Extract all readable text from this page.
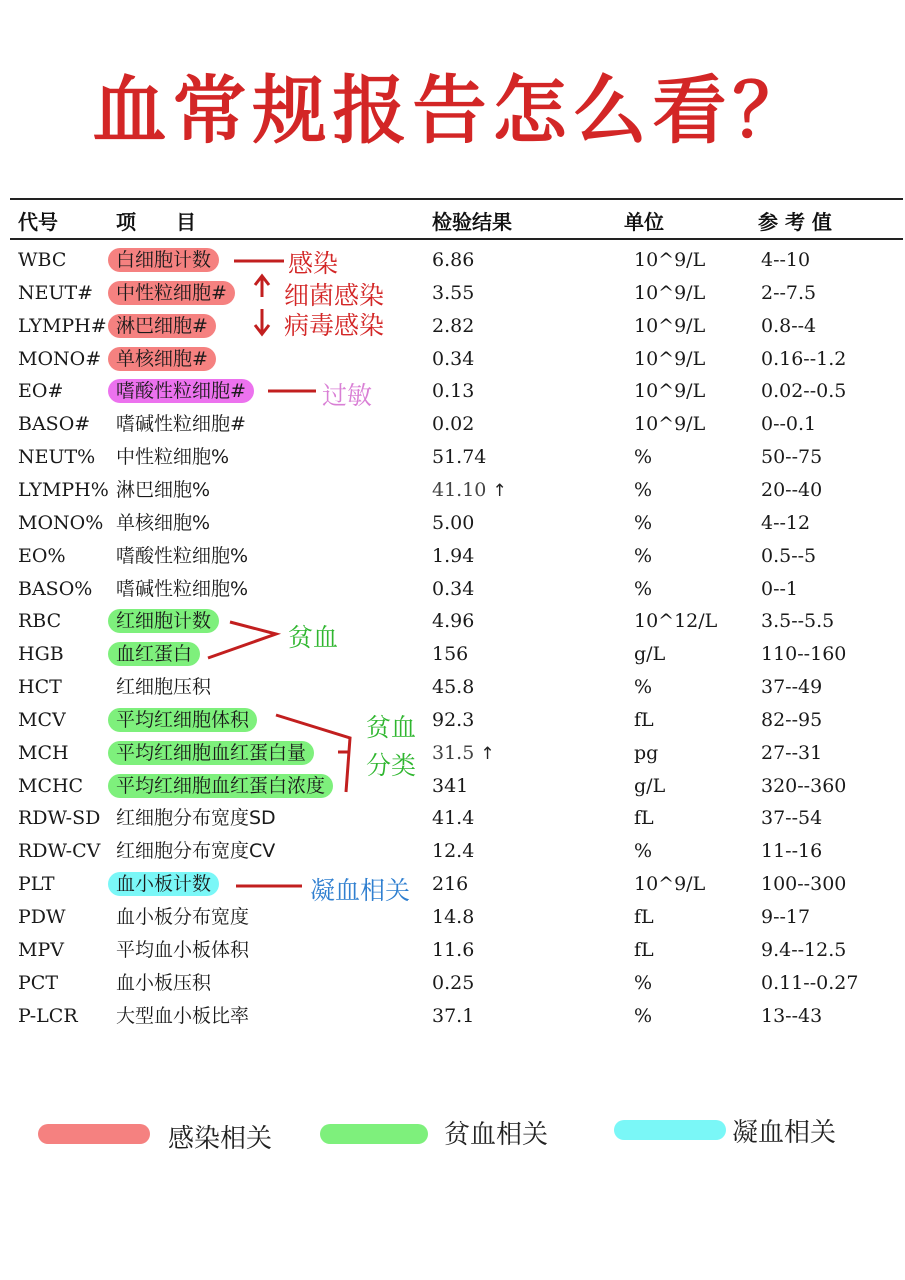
血常规报告怎么看？
代号	项　　目	检验结果	单位	参 考 值
WBC	白细胞计数	6.86	10^9/L	4--10
NEUT#	中性粒细胞#	3.55	10^9/L	2--7.5
LYMPH# 淋巴细胞#	2.82	10^9/L	0.8--4
MONO# 单核细胞#	0.34	10^9/L	0.16--1.2
EO#	嗜酸性粒细胞#	0.13	10^9/L	0.02--0.5
BASO#	嗜碱性粒细胞#	0.02	10^9/L	0--0.1
NEUT%	中性粒细胞%	51.74	%	50--75
LYMPH% 淋巴细胞%	41.10 ↑	%	20--40
MONO% 单核细胞%	5.00	%	4--12
EO%	嗜酸性粒细胞%	1.94	%	0.5--5
BASO%	嗜碱性粒细胞%	0.34	%	0--1
RBC	红细胞计数	4.96	10^12/L 3.5--5.5
HGB	血红蛋白	156	g/L	110--160
HCT	红细胞压积	45.8	%	37--49
MCV	平均红细胞体积	92.3	fL	82--95
MCH	平均红细胞血红蛋白量	31.5 ↑	pg	27--31
MCHC	平均红细胞血红蛋白浓度	341	g/L	320--360
RDW-SD 红细胞分布宽度SD	41.4	fL	37--54
RDW-CV 红细胞分布宽度CV	12.4	%	11--16
PLT	血小板计数	216	10^9/L	100--300
PDW	血小板分布宽度	14.8	fL	9--17
MPV	平均血小板体积	11.6	fL	9.4--12.5
PCT	血小板压积	0.25	%	0.11--0.27
P-LCR	大型血小板比率	37.1	%	13--43
感染
细菌感染
病毒感染
过敏
贫血
贫血
分类
凝血相关
感染相关	贫血相关	凝血相关
